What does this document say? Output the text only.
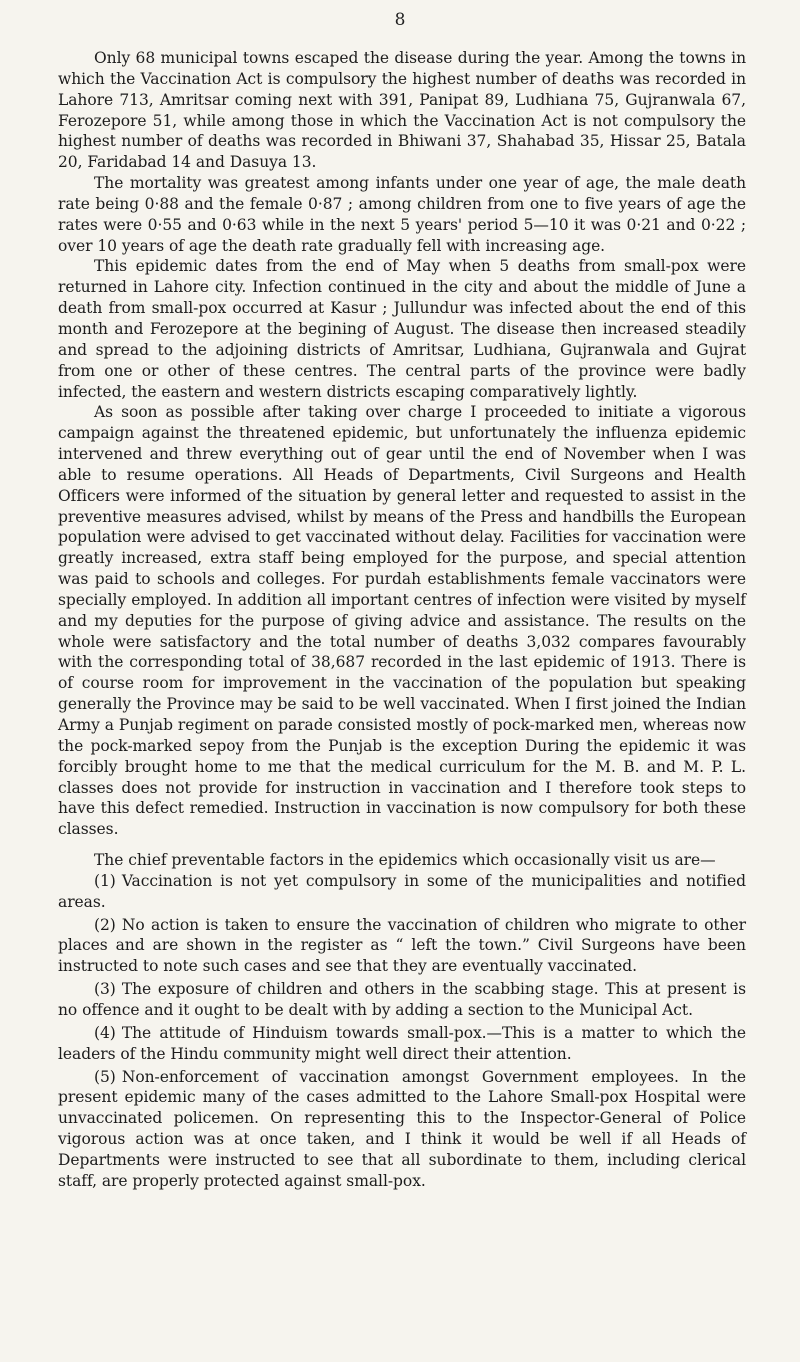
8

Only 68 municipal towns escaped the disease during the year. Among the towns in which the Vaccination Act is compulsory the highest number of deaths was recorded in Lahore 713, Amritsar coming next with 391, Panipat 89, Ludhiana 75, Gujranwala 67, Ferozepore 51, while among those in which the Vaccination Act is not compulsory the highest number of deaths was recorded in Bhiwani 37, Shahabad 35, Hissar 25, Batala 20, Faridabad 14 and Dasuya 13.

The mortality was greatest among infants under one year of age, the male death rate being 0·88 and the female 0·87 ; among children from one to five years of age the rates were 0·55 and 0·63 while in the next 5 years' period 5—10 it was 0·21 and 0·22 ; over 10 years of age the death rate gradually fell with increasing age.

This epidemic dates from the end of May when 5 deaths from small-pox were returned in Lahore city. Infection continued in the city and about the middle of June a death from small-pox occurred at Kasur ; Jullundur was infected about the end of this month and Ferozepore at the begining of August. The disease then increased steadily and spread to the adjoining districts of Amritsar, Ludhiana, Gujranwala and Gujrat from one or other of these centres. The central parts of the province were badly infected, the eastern and western districts escaping comparatively lightly.

As soon as possible after taking over charge I proceeded to initiate a vigorous campaign against the threatened epidemic, but unfortunately the influenza epidemic intervened and threw everything out of gear until the end of November when I was able to resume operations. All Heads of Departments, Civil Surgeons and Health Officers were informed of the situation by general letter and requested to assist in the preventive measures advised, whilst by means of the Press and handbills the European population were advised to get vaccinated without delay. Facilities for vaccination were greatly increased, extra staff being employed for the purpose, and special attention was paid to schools and colleges. For purdah establishments female vaccinators were specially employed. In addition all important centres of infection were visited by myself and my deputies for the purpose of giving advice and assistance. The results on the whole were satisfactory and the total number of deaths 3,032 compares favourably with the corresponding total of 38,687 recorded in the last epidemic of 1913. There is of course room for improvement in the vaccination of the population but speaking generally the Province may be said to be well vaccinated. When I first joined the Indian Army a Punjab regiment on parade consisted mostly of pock-marked men, whereas now the pock-marked sepoy from the Punjab is the exception During the epidemic it was forcibly brought home to me that the medical curriculum for the M. B. and M. P. L. classes does not provide for instruction in vaccination and I therefore took steps to have this defect remedied. Instruction in vaccination is now compulsory for both these classes.

The chief preventable factors in the epidemics which occasionally visit us are—

(1) Vaccination is not yet compulsory in some of the municipalities and notified areas.
(2) No action is taken to ensure the vaccination of children who migrate to other places and are shown in the register as “ left the town.” Civil Surgeons have been instructed to note such cases and see that they are eventually vaccinated.
(3) The exposure of children and others in the scabbing stage. This at present is no offence and it ought to be dealt with by adding a section to the Municipal Act.
(4) The attitude of Hinduism towards small-pox.—This is a matter to which the leaders of the Hindu community might well direct their attention.
(5) Non-enforcement of vaccination amongst Government employees. In the present epidemic many of the cases admitted to the Lahore Small-pox Hospital were unvaccinated policemen. On representing this to the Inspector-General of Police vigorous action was at once taken, and I think it would be well if all Heads of Departments were instructed to see that all subordinate to them, including clerical staff, are properly protected against small-pox.
